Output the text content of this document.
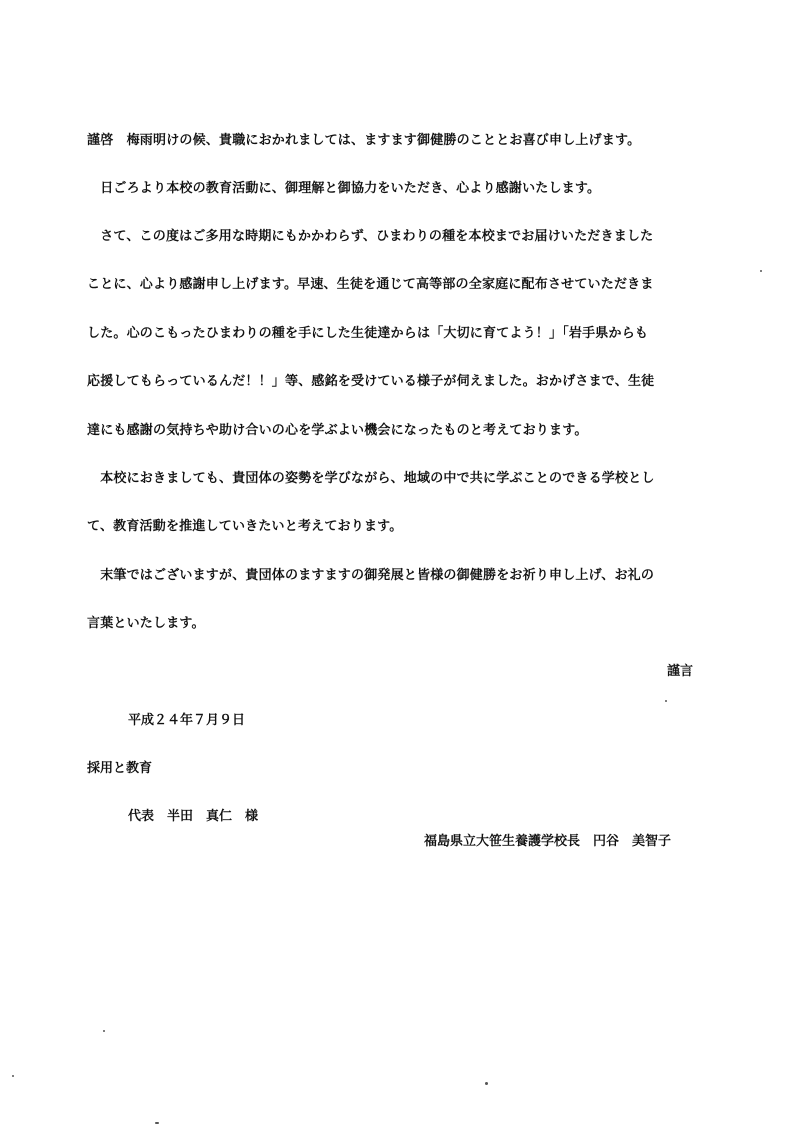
謹啓　梅雨明けの候、貴職におかれましては、ますます御健勝のこととお喜び申し上げます。
　日ごろより本校の教育活動に、御理解と御協力をいただき、心より感謝いたします。
　さて、この度はご多用な時期にもかかわらず、ひまわりの種を本校までお届けいただきました
ことに、心より感謝申し上げます。早速、生徒を通じて高等部の全家庭に配布させていただきま
した。心のこもったひまわりの種を手にした生徒達からは「大切に育てよう！」「岩手県からも
応援してもらっているんだ！！」等、感銘を受けている様子が伺えました。おかげさまで、生徒
達にも感謝の気持ちや助け合いの心を学ぶよい機会になったものと考えております。
　本校におきましても、貴団体の姿勢を学びながら、地域の中で共に学ぶことのできる学校とし
て、教育活動を推進していきたいと考えております。
　末筆ではございますが、貴団体のますますの御発展と皆様の御健勝をお祈り申し上げ、お礼の
言葉といたします。
謹言
平成２４年７月９日
採用と教育
代表　半田　真仁　様
福島県立大笹生養護学校長　円谷　美智子
